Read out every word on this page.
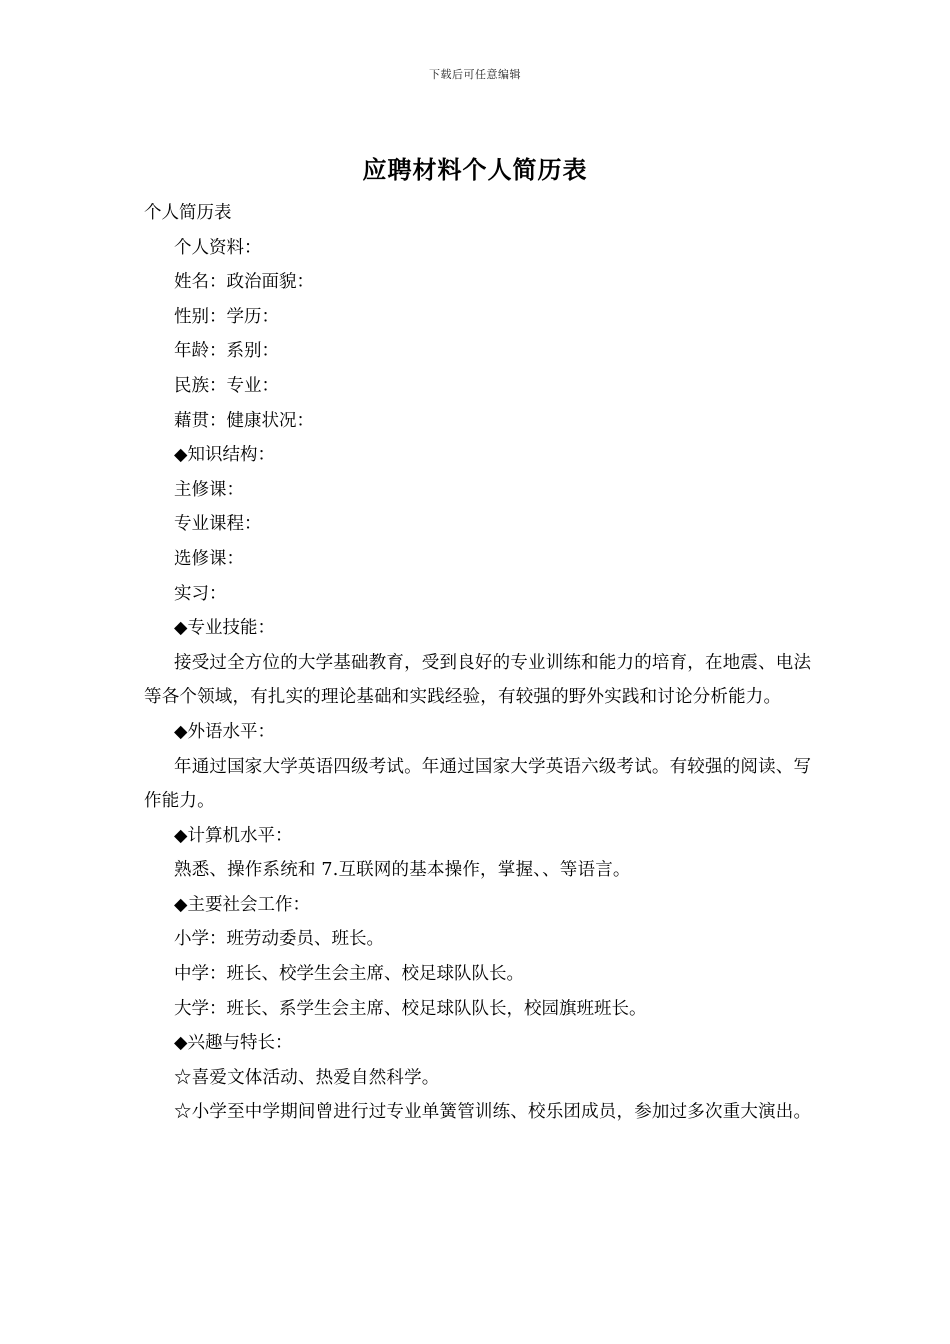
下载后可任意编辑
应聘材料个人简历表
个人简历表
个人资料：
姓名：政治面貌：
性别：学历：
年龄：系别：
民族：专业：
藉贯：健康状况：
◆知识结构：
主修课：
专业课程：
选修课：
实习：
◆专业技能：
接受过全方位的大学基础教育，受到良好的专业训练和能力的培育，在地震、电法等各个领域，有扎实的理论基础和实践经验，有较强的野外实践和讨论分析能力。
◆外语水平：
年通过国家大学英语四级考试。年通过国家大学英语六级考试。有较强的阅读、写作能力。
◆计算机水平：
熟悉、操作系统和 7.互联网的基本操作，掌握、、等语言。
◆主要社会工作：
小学：班劳动委员、班长。
中学：班长、校学生会主席、校足球队队长。
大学：班长、系学生会主席、校足球队队长，校园旗班班长。
◆兴趣与特长：
☆喜爱文体活动、热爱自然科学。
☆小学至中学期间曾进行过专业单簧管训练、校乐团成员，参加过多次重大演出。
